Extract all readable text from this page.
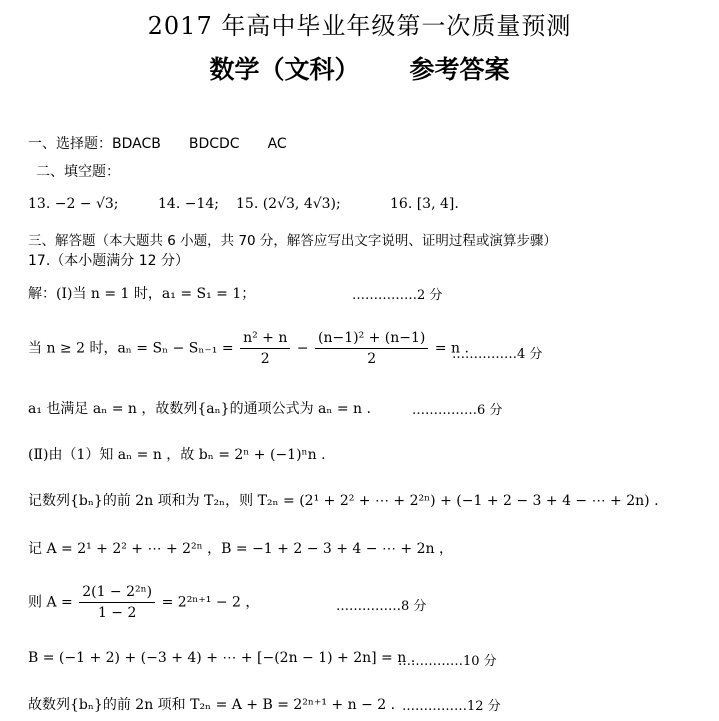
2017 年高中毕业年级第一次质量预测
数学（文科） 参考答案
一、选择题：BDACB　　BDCDC　　AC
二、填空题：
13. −2 − √3;	14. −14; 15. (2√3, 4√3);	16. [3, 4].
三、解答题（本大题共 6 小题，共 70 分，解答应写出文字说明、证明过程或演算步骤）
17.（本小题满分 12 分）
解：(Ⅰ)当 n = 1 时，a₁ = S₁ = 1；	……………2 分
当 n ≥ 2 时，$a_n = S_n - S_{n-1} = \frac{\text{n² + n}}{2} - \frac{\text{(n−1)² + (n−1)}}{2} = n$ .
……………4 分
a₁ 也满足 aₙ = n ，故数列{aₙ}的通项公式为 aₙ = n .	……………6 分
(Ⅱ)由（1）知 aₙ = n ，故 bₙ = 2ⁿ + (−1)ⁿn .
记数列{bₙ}的前 2n 项和为 T₂ₙ，则 T₂ₙ = (2¹ + 2² + ⋯ + 2²ⁿ) + (−1 + 2 − 3 + 4 − ⋯ + 2n) .
记 A = 2¹ + 2² + ⋯ + 2²ⁿ ，B = −1 + 2 − 3 + 4 − ⋯ + 2n ，
则 $A = \frac{\text{2(1 − 2²ⁿ)}}{1 - 2} = 2^{2n+1} - 2$ ，	……………8 分
B = (−1 + 2) + (−3 + 4) + ⋯ + [−(2n − 1) + 2n] = n .
……………10 分
故数列{bₙ}的前 2n 项和 T₂ₙ = A + B = 2²ⁿ⁺¹ + n − 2 . ……………12 分
